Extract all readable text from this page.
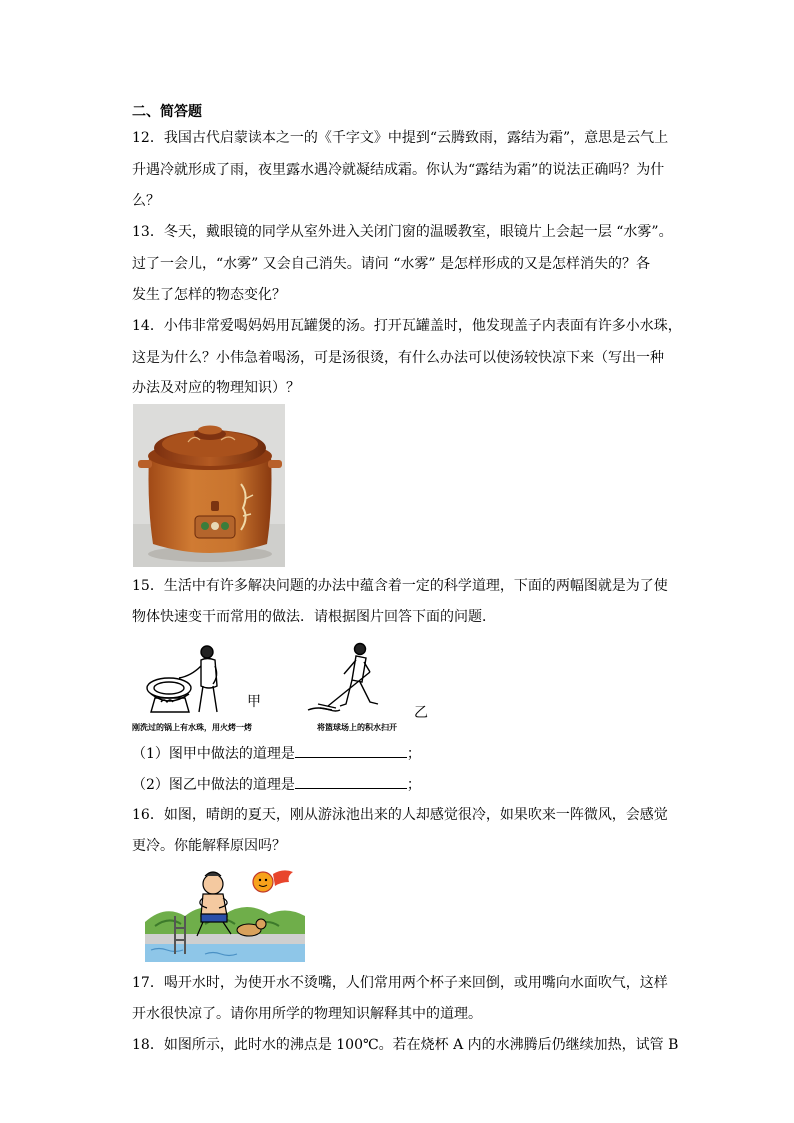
二、简答题
12．我国古代启蒙读本之一的《千字文》中提到“云腾致雨，露结为霜”，意思是云气上
升遇冷就形成了雨，夜里露水遇冷就凝结成霜。你认为“露结为霜”的说法正确吗？为什
么？
13．冬天，戴眼镜的同学从室外进入关闭门窗的温暖教室，眼镜片上会起一层 “水雾”。
过了一会儿，“水雾” 又会自己消失。请问 “水雾” 是怎样形成的又是怎样消失的？各
发生了怎样的物态变化？
14．小伟非常爱喝妈妈用瓦罐煲的汤。打开瓦罐盖时，他发现盖子内表面有许多小水珠，
这是为什么？小伟急着喝汤，可是汤很烫，有什么办法可以使汤较快凉下来（写出一种
办法及对应的物理知识）？
15．生活中有许多解决问题的办法中蕴含着一定的科学道理，下面的两幅图就是为了使
物体快速变干而常用的做法．请根据图片回答下面的问题．
刚洗过的锅上有水珠，用火烤一烤
甲
将篮球场上的积水扫开
乙
（1）图甲中做法的道理是	；
（2）图乙中做法的道理是	；
16．如图，晴朗的夏天，刚从游泳池出来的人却感觉很冷，如果吹来一阵微风，会感觉
更冷。你能解释原因吗？
17．喝开水时，为使开水不烫嘴，人们常用两个杯子来回倒，或用嘴向水面吹气，这样
开水很快凉了。请你用所学的物理知识解释其中的道理。
18．如图所示，此时水的沸点是 100℃。若在烧杯 A 内的水沸腾后仍继续加热，试管 B
